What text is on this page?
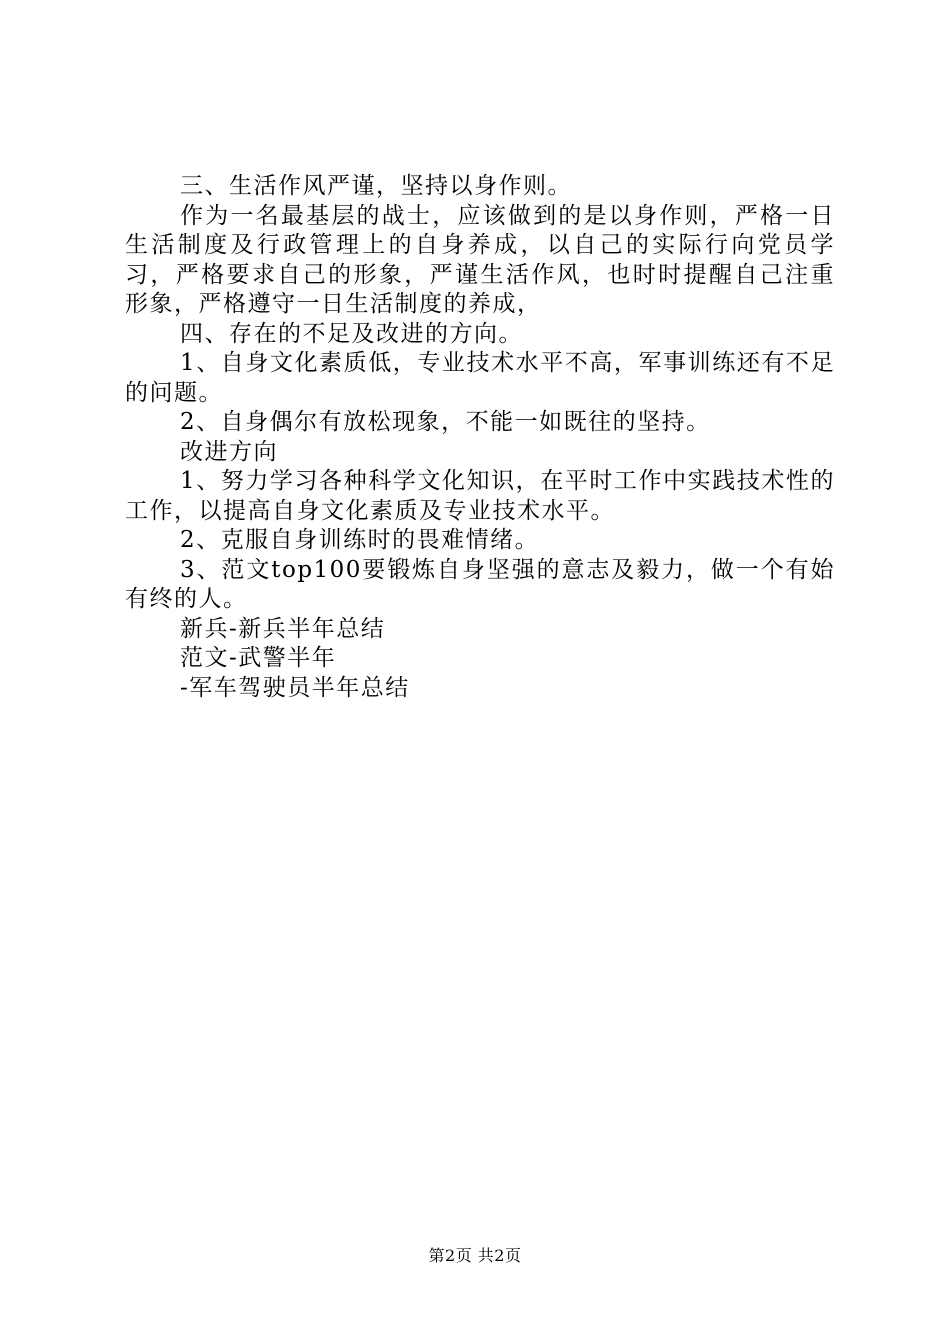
三、生活作风严谨，坚持以身作则。

作为一名最基层的战士，应该做到的是以身作则，严格一日生活制度及行政管理上的自身养成，以自己的实际行向党员学习，严格要求自己的形象，严谨生活作风，也时时提醒自己注重形象，严格遵守一日生活制度的养成，

四、存在的不足及改进的方向。

1、自身文化素质低，专业技术水平不高，军事训练还有不足的问题。

2、自身偶尔有放松现象，不能一如既往的坚持。

改进方向

1、努力学习各种科学文化知识，在平时工作中实践技术性的工作，以提高自身文化素质及专业技术水平。

2、克服自身训练时的畏难情绪。

3、范文top100要锻炼自身坚强的意志及毅力，做一个有始有终的人。

新兵-新兵半年总结

范文-武警半年

-军车驾驶员半年总结

第2页 共2页
